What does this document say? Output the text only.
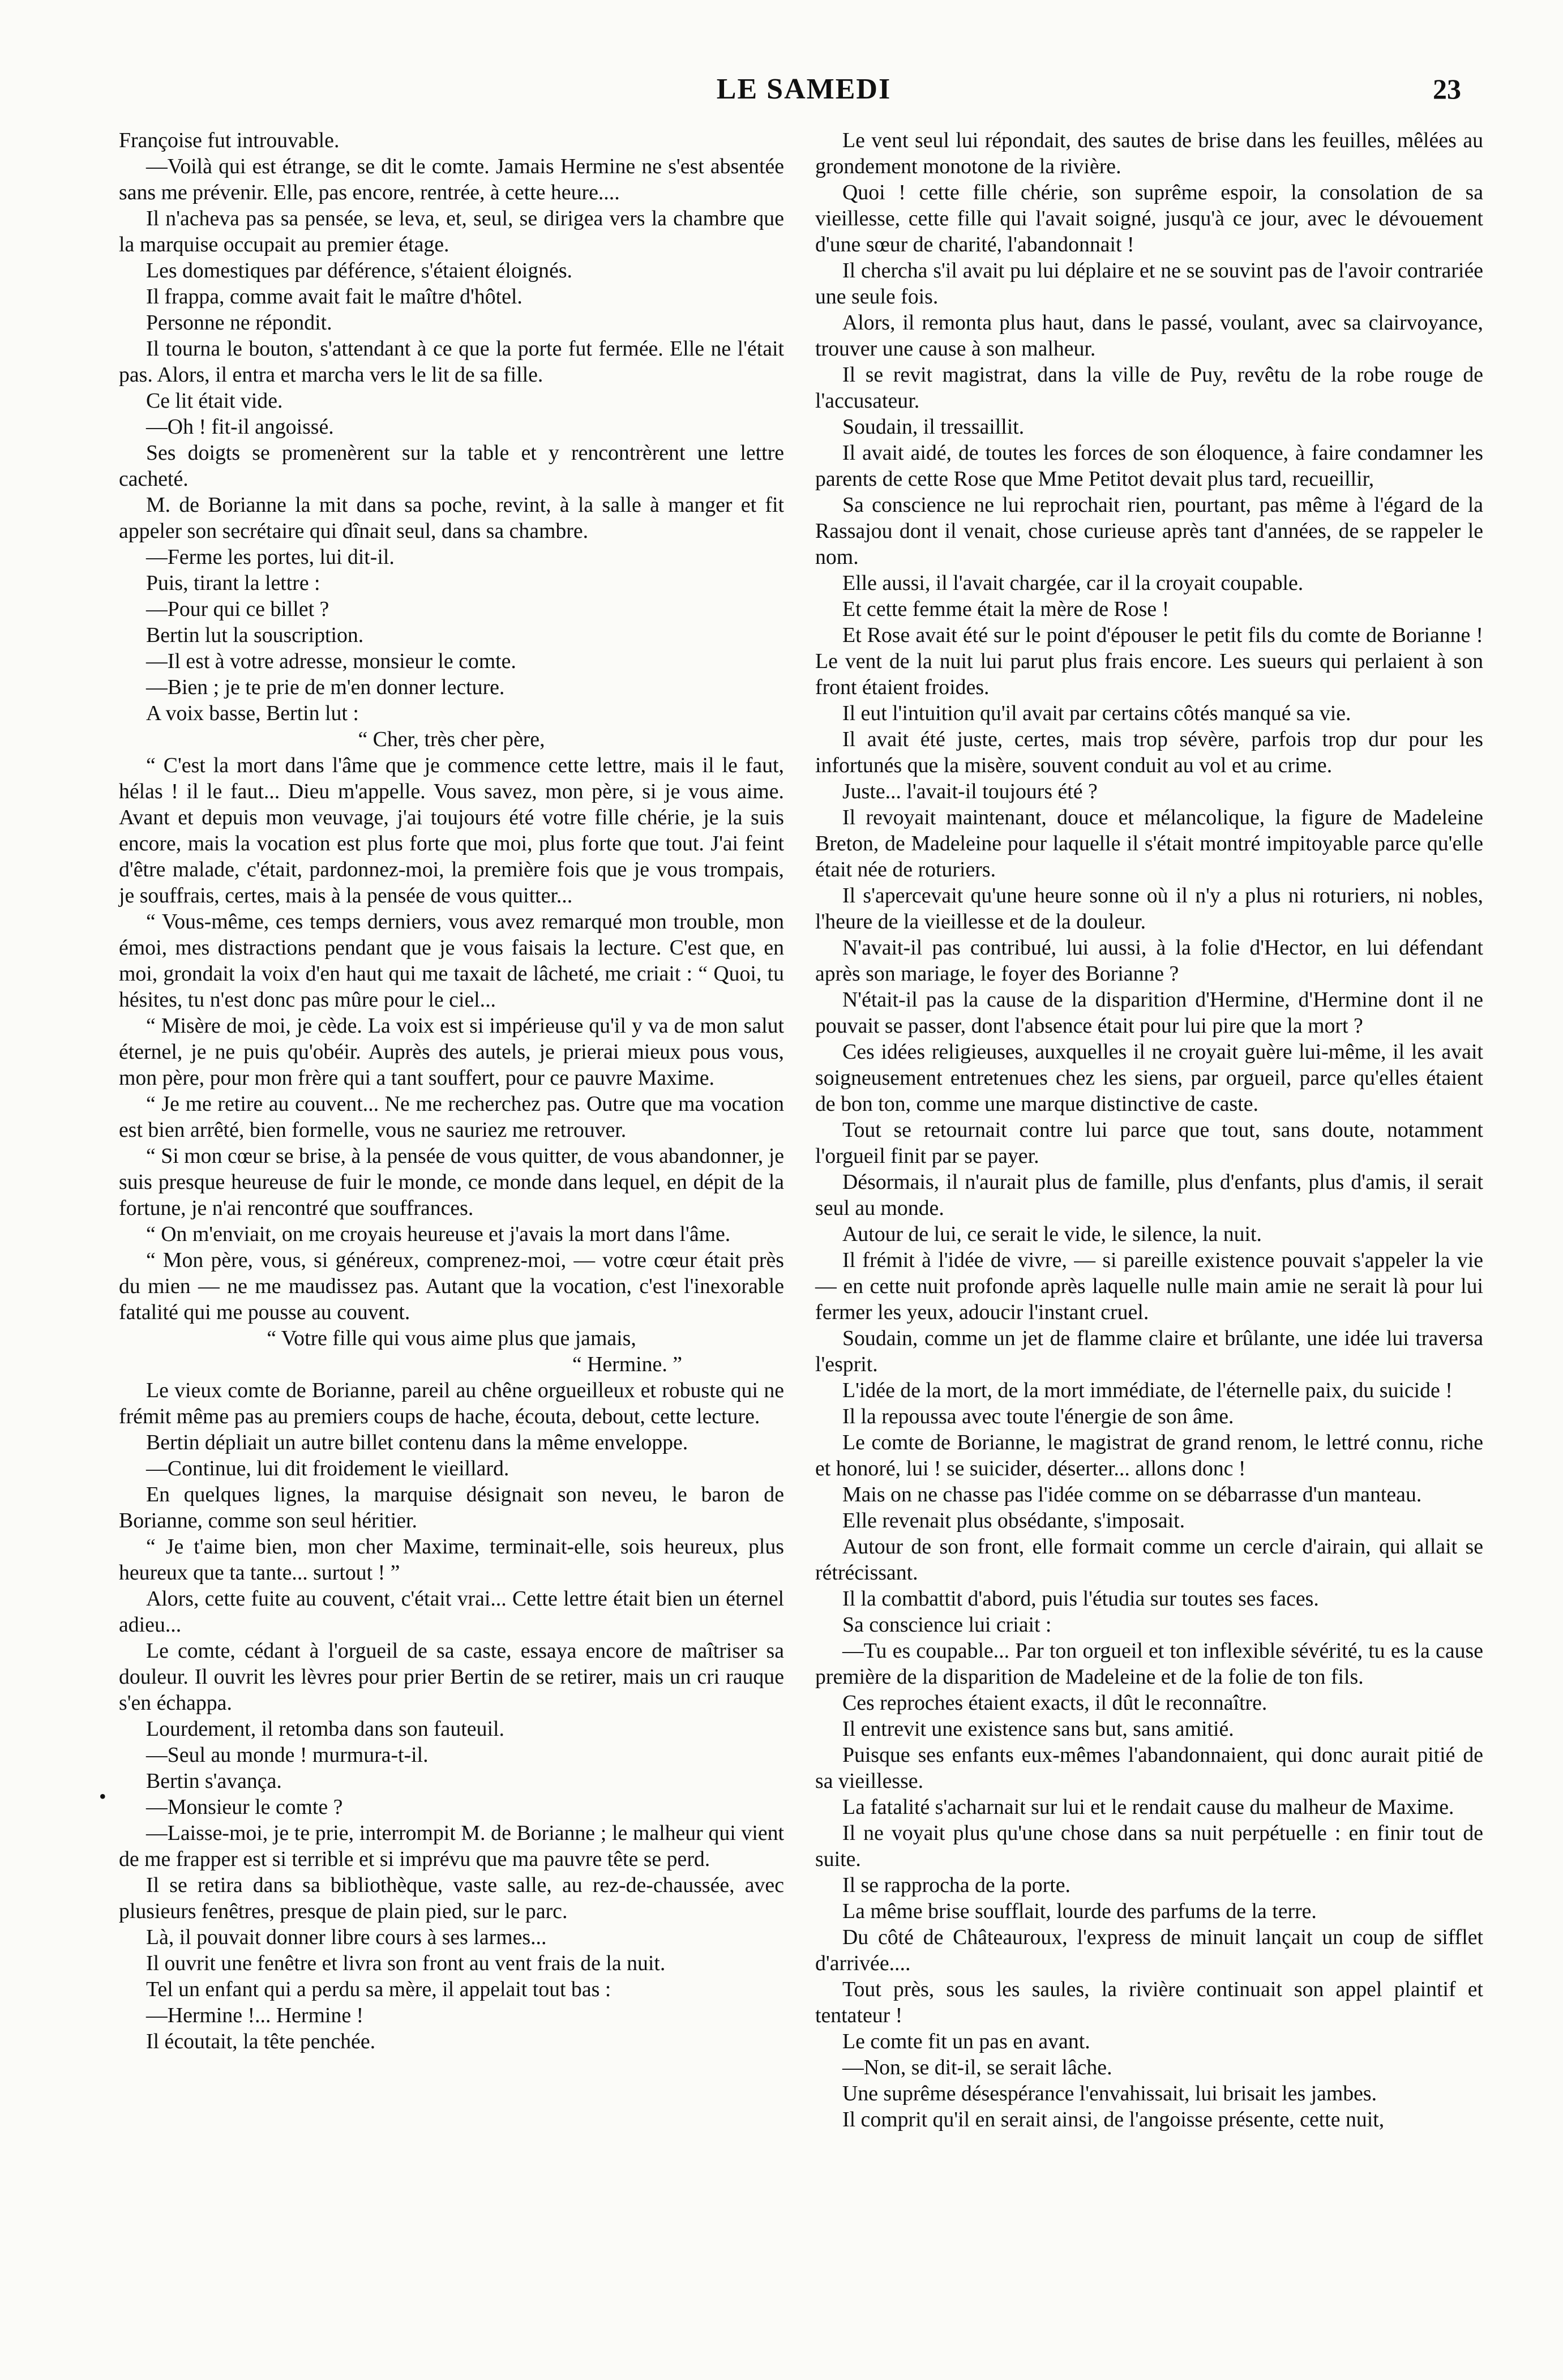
LE SAMEDI	23
•

Françoise fut introuvable.

—Voilà qui est étrange, se dit le comte. Jamais Hermine ne s'est absentée sans me prévenir. Elle, pas encore, rentrée, à cette heure....

Il n'acheva pas sa pensée, se leva, et, seul, se dirigea vers la chambre que la marquise occupait au premier étage.

Les domestiques par déférence, s'étaient éloignés.

Il frappa, comme avait fait le maître d'hôtel.

Personne ne répondit.

Il tourna le bouton, s'attendant à ce que la porte fut fermée. Elle ne l'était pas. Alors, il entra et marcha vers le lit de sa fille.

Ce lit était vide.

—Oh ! fit-il angoissé.

Ses doigts se promenèrent sur la table et y rencontrèrent une lettre cacheté.

M. de Borianne la mit dans sa poche, revint, à la salle à manger et fit appeler son secrétaire qui dînait seul, dans sa chambre.

—Ferme les portes, lui dit-il.

Puis, tirant la lettre :

—Pour qui ce billet ?

Bertin lut la souscription.

—Il est à votre adresse, monsieur le comte.

—Bien ; je te prie de m'en donner lecture.

A voix basse, Bertin lut :

“ Cher, très cher père,

“ C'est la mort dans l'âme que je commence cette lettre, mais il le faut, hélas ! il le faut... Dieu m'appelle. Vous savez, mon père, si je vous aime. Avant et depuis mon veuvage, j'ai toujours été votre fille chérie, je la suis encore, mais la vocation est plus forte que moi, plus forte que tout. J'ai feint d'être malade, c'était, pardonnez-moi, la première fois que je vous trompais, je souffrais, certes, mais à la pensée de vous quitter...

“ Vous-même, ces temps derniers, vous avez remarqué mon trouble, mon émoi, mes distractions pendant que je vous faisais la lecture. C'est que, en moi, grondait la voix d'en haut qui me taxait de lâcheté, me criait : “ Quoi, tu hésites, tu n'est donc pas mûre pour le ciel...

“ Misère de moi, je cède. La voix est si impérieuse qu'il y va de mon salut éternel, je ne puis qu'obéir. Auprès des autels, je prierai mieux pous vous, mon père, pour mon frère qui a tant souffert, pour ce pauvre Maxime.

“ Je me retire au couvent... Ne me recherchez pas. Outre que ma vocation est bien arrêté, bien formelle, vous ne sauriez me retrouver.

“ Si mon cœur se brise, à la pensée de vous quitter, de vous abandonner, je suis presque heureuse de fuir le monde, ce monde dans lequel, en dépit de la fortune, je n'ai rencontré que souffrances.

“ On m'enviait, on me croyais heureuse et j'avais la mort dans l'âme.

“ Mon père, vous, si généreux, comprenez-moi, — votre cœur était près du mien — ne me maudissez pas. Autant que la vocation, c'est l'inexorable fatalité qui me pousse au couvent.

“ Votre fille qui vous aime plus que jamais,

“ Hermine. ”

Le vieux comte de Borianne, pareil au chêne orgueilleux et robuste qui ne frémit même pas au premiers coups de hache, écouta, debout, cette lecture.

Bertin dépliait un autre billet contenu dans la même enveloppe.

—Continue, lui dit froidement le vieillard.

En quelques lignes, la marquise désignait son neveu, le baron de Borianne, comme son seul héritier.

“ Je t'aime bien, mon cher Maxime, terminait-elle, sois heureux, plus heureux que ta tante... surtout ! ”

Alors, cette fuite au couvent, c'était vrai... Cette lettre était bien un éternel adieu...

Le comte, cédant à l'orgueil de sa caste, essaya encore de maîtriser sa douleur. Il ouvrit les lèvres pour prier Bertin de se retirer, mais un cri rauque s'en échappa.

Lourdement, il retomba dans son fauteuil.

—Seul au monde ! murmura-t-il.

Bertin s'avança.

—Monsieur le comte ?

—Laisse-moi, je te prie, interrompit M. de Borianne ; le malheur qui vient de me frapper est si terrible et si imprévu que ma pauvre tête se perd.

Il se retira dans sa bibliothèque, vaste salle, au rez-de-chaussée, avec plusieurs fenêtres, presque de plain pied, sur le parc.

Là, il pouvait donner libre cours à ses larmes...

Il ouvrit une fenêtre et livra son front au vent frais de la nuit.

Tel un enfant qui a perdu sa mère, il appelait tout bas :

—Hermine !... Hermine !

Il écoutait, la tête penchée.

Le vent seul lui répondait, des sautes de brise dans les feuilles, mêlées au grondement monotone de la rivière.

Quoi ! cette fille chérie, son suprême espoir, la consolation de sa vieillesse, cette fille qui l'avait soigné, jusqu'à ce jour, avec le dévouement d'une sœur de charité, l'abandonnait !

Il chercha s'il avait pu lui déplaire et ne se souvint pas de l'avoir contrariée une seule fois.

Alors, il remonta plus haut, dans le passé, voulant, avec sa clairvoyance, trouver une cause à son malheur.

Il se revit magistrat, dans la ville de Puy, revêtu de la robe rouge de l'accusateur.

Soudain, il tressaillit.

Il avait aidé, de toutes les forces de son éloquence, à faire condamner les parents de cette Rose que Mme Petitot devait plus tard, recueillir,

Sa conscience ne lui reprochait rien, pourtant, pas même à l'égard de la Rassajou dont il venait, chose curieuse après tant d'années, de se rappeler le nom.

Elle aussi, il l'avait chargée, car il la croyait coupable.

Et cette femme était la mère de Rose !

Et Rose avait été sur le point d'épouser le petit fils du comte de Borianne ! Le vent de la nuit lui parut plus frais encore. Les sueurs qui perlaient à son front étaient froides.

Il eut l'intuition qu'il avait par certains côtés manqué sa vie.

Il avait été juste, certes, mais trop sévère, parfois trop dur pour les infortunés que la misère, souvent conduit au vol et au crime.

Juste... l'avait-il toujours été ?

Il revoyait maintenant, douce et mélancolique, la figure de Madeleine Breton, de Madeleine pour laquelle il s'était montré impitoyable parce qu'elle était née de roturiers.

Il s'apercevait qu'une heure sonne où il n'y a plus ni roturiers, ni nobles, l'heure de la vieillesse et de la douleur.

N'avait-il pas contribué, lui aussi, à la folie d'Hector, en lui défendant après son mariage, le foyer des Borianne ?

N'était-il pas la cause de la disparition d'Hermine, d'Hermine dont il ne pouvait se passer, dont l'absence était pour lui pire que la mort ?

Ces idées religieuses, auxquelles il ne croyait guère lui-même, il les avait soigneusement entretenues chez les siens, par orgueil, parce qu'elles étaient de bon ton, comme une marque distinctive de caste.

Tout se retournait contre lui parce que tout, sans doute, notamment l'orgueil finit par se payer.

Désormais, il n'aurait plus de famille, plus d'enfants, plus d'amis, il serait seul au monde.

Autour de lui, ce serait le vide, le silence, la nuit.

Il frémit à l'idée de vivre, — si pareille existence pouvait s'appeler la vie — en cette nuit profonde après laquelle nulle main amie ne serait là pour lui fermer les yeux, adoucir l'instant cruel.

Soudain, comme un jet de flamme claire et brûlante, une idée lui traversa l'esprit.

L'idée de la mort, de la mort immédiate, de l'éternelle paix, du suicide !

Il la repoussa avec toute l'énergie de son âme.

Le comte de Borianne, le magistrat de grand renom, le lettré connu, riche et honoré, lui ! se suicider, déserter... allons donc !

Mais on ne chasse pas l'idée comme on se débarrasse d'un manteau.

Elle revenait plus obsédante, s'imposait.

Autour de son front, elle formait comme un cercle d'airain, qui allait se rétrécissant.

Il la combattit d'abord, puis l'étudia sur toutes ses faces.

Sa conscience lui criait :

—Tu es coupable... Par ton orgueil et ton inflexible sévérité, tu es la cause première de la disparition de Madeleine et de la folie de ton fils.

Ces reproches étaient exacts, il dût le reconnaître.

Il entrevit une existence sans but, sans amitié.

Puisque ses enfants eux-mêmes l'abandonnaient, qui donc aurait pitié de sa vieillesse.

La fatalité s'acharnait sur lui et le rendait cause du malheur de Maxime.

Il ne voyait plus qu'une chose dans sa nuit perpétuelle : en finir tout de suite.

Il se rapprocha de la porte.

La même brise soufflait, lourde des parfums de la terre.

Du côté de Châteauroux, l'express de minuit lançait un coup de sifflet d'arrivée....

Tout près, sous les saules, la rivière continuait son appel plaintif et tentateur !

Le comte fit un pas en avant.

—Non, se dit-il, se serait lâche.

Une suprême désespérance l'envahissait, lui brisait les jambes.

Il comprit qu'il en serait ainsi, de l'angoisse présente, cette nuit,
